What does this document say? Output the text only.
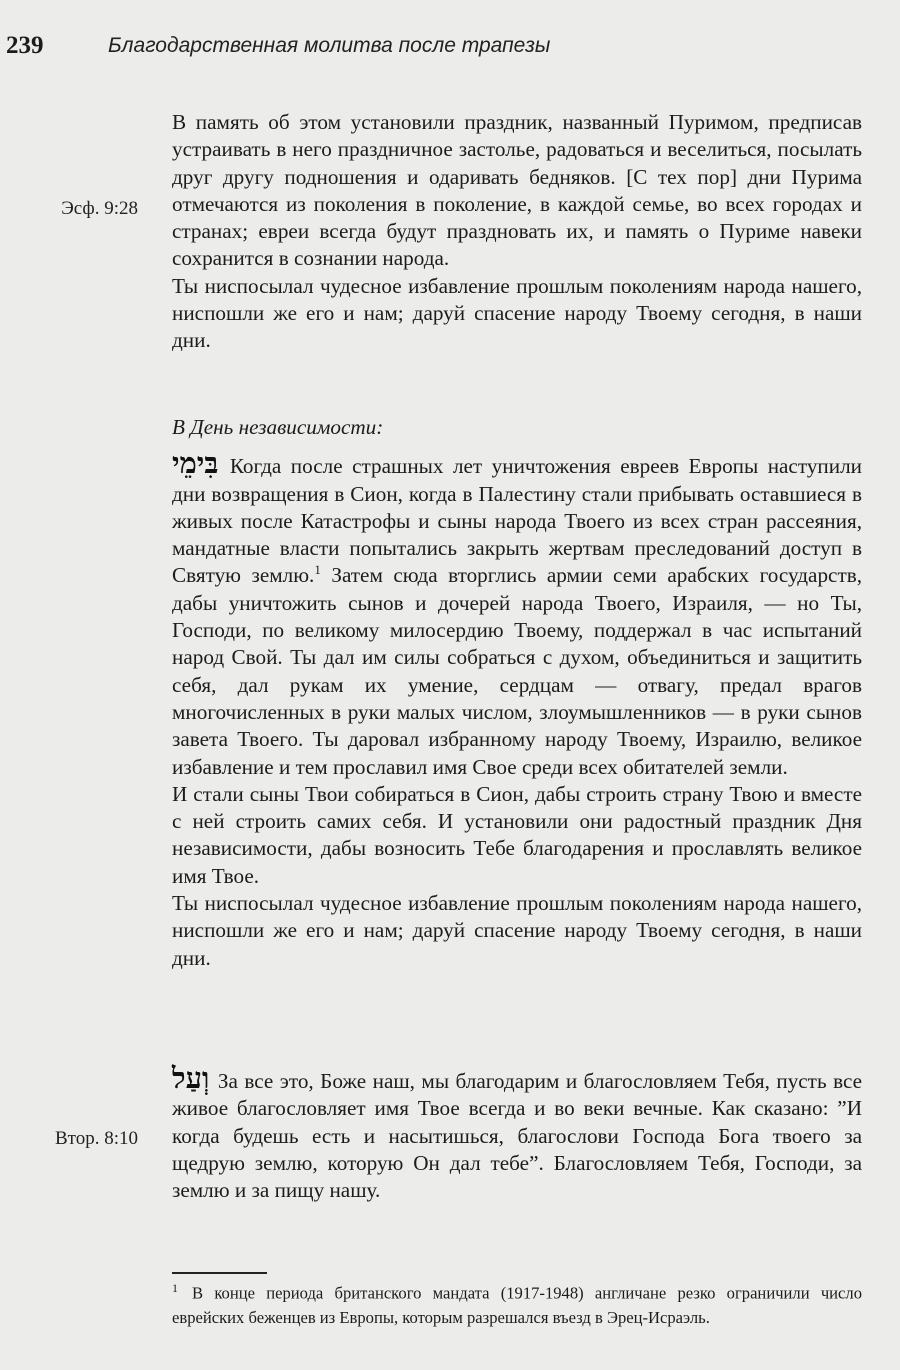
239	Благодарственная молитва после трапезы
Эсф. 9:28
Втор. 8:10

В память об этом установили праздник, названный Пуримом, предписав устраивать в него праздничное застолье, радоваться и веселиться, посылать друг другу подношения и одаривать бедняков. [С тех пор] дни Пурима отмечаются из поколения в поколение, в каждой семье, во всех городах и странах; евреи всегда будут праздновать их, и память о Пуриме навеки сохранится в сознании народа.

Ты ниспосылал чудесное избавление прошлым поколениям народа нашего, ниспошли же его и нам; даруй спасение народу Твоему сегодня, в наши дни.

В День независимости:

בִּימֵי Когда после страшных лет уничтожения евреев Европы наступили дни возвращения в Сион, когда в Палестину стали прибывать оставшиеся в живых после Катастрофы и сыны народа Твоего из всех стран рассеяния, мандатные власти попытались закрыть жертвам преследований доступ в Святую землю.$^1$ Затем сюда вторглись армии семи арабских государств, дабы уничтожить сынов и дочерей народа Твоего, Израиля, — но Ты, Господи, по великому милосердию Твоему, поддержал в час испытаний народ Свой. Ты дал им силы собраться с духом, объединиться и защитить себя, дал рукам их умение, сердцам — отвагу, предал врагов многочисленных в руки малых числом, злоумышленников — в руки сынов завета Твоего. Ты даровал избранному народу Твоему, Израилю, великое избавление и тем прославил имя Свое среди всех обитателей земли.

И стали сыны Твои собираться в Сион, дабы строить страну Твою и вместе с ней строить самих себя. И установили они радостный праздник Дня независимости, дабы возносить Тебе благодарения и прославлять великое имя Твое.

Ты ниспосылал чудесное избавление прошлым поколениям народа нашего, ниспошли же его и нам; даруй спасение народу Твоему сегодня, в наши дни.

וְעַל За все это, Боже наш, мы благодарим и благословляем Тебя, пусть все живое благословляет имя Твое всегда и во веки вечные. Как сказано: ”И когда будешь есть и насытишься, благослови Господа Бога твоего за щедрую землю, которую Он дал тебе”. Благословляем Тебя, Господи, за землю и за пищу нашу.

$^1$ В конце периода британского мандата (1917-1948) англичане резко ограничили число еврейских беженцев из Европы, которым разрешался въезд в Эрец-Исраэль.
